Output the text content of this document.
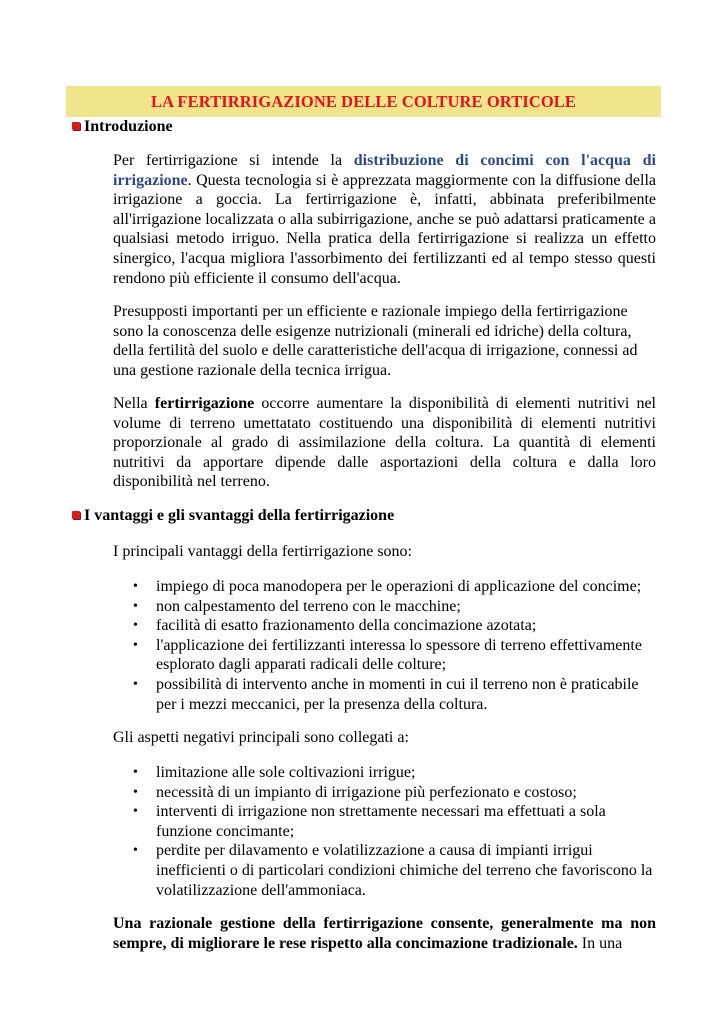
LA FERTIRRIGAZIONE DELLE COLTURE ORTICOLE
Introduzione

Per fertirrigazione si intende la distribuzione di concimi con l'acqua di irrigazione. Questa tecnologia si è apprezzata maggiormente con la diffusione della irrigazione a goccia. La fertirrigazione è, infatti, abbinata preferibilmente all'irrigazione localizzata o alla subirrigazione, anche se può adattarsi praticamente a qualsiasi metodo irriguo. Nella pratica della fertirrigazione si realizza un effetto sinergico, l'acqua migliora l'assorbimento dei fertilizzanti ed al tempo stesso questi rendono più efficiente il consumo dell'acqua.

Presupposti importanti per un efficiente e razionale impiego della fertirrigazione sono la conoscenza delle esigenze nutrizionali (minerali ed idriche) della coltura, della fertilità del suolo e delle caratteristiche dell'acqua di irrigazione, connessi ad una gestione razionale della tecnica irrigua.

Nella fertirrigazione occorre aumentare la disponibilità di elementi nutritivi nel volume di terreno umettatato costituendo una disponibilità di elementi nutritivi proporzionale al grado di assimilazione della coltura. La quantità di elementi nutritivi da apportare dipende dalle asportazioni della coltura e dalla loro disponibilità nel terreno.

I vantaggi e gli svantaggi della fertirrigazione

I principali vantaggi della fertirrigazione sono:

• impiego di poca manodopera per le operazioni di applicazione del concime;
• non calpestamento del terreno con le macchine;
• facilità di esatto frazionamento della concimazione azotata;
• l'applicazione dei fertilizzanti interessa lo spessore di terreno effettivamente esplorato dagli apparati radicali delle colture;
• possibilità di intervento anche in momenti in cui il terreno non è praticabile per i mezzi meccanici, per la presenza della coltura.

Gli aspetti negativi principali sono collegati a:

• limitazione alle sole coltivazioni irrigue;
• necessità di un impianto di irrigazione più perfezionato e costoso;
• interventi di irrigazione non strettamente necessari ma effettuati a sola funzione concimante;
• perdite per dilavamento e volatilizzazione a causa di impianti irrigui inefficienti o di particolari condizioni chimiche del terreno che favoriscono la volatilizzazione dell'ammoniaca.

Una razionale gestione della fertirrigazione consente, generalmente ma non sempre, di migliorare le rese rispetto alla concimazione tradizionale. In una
